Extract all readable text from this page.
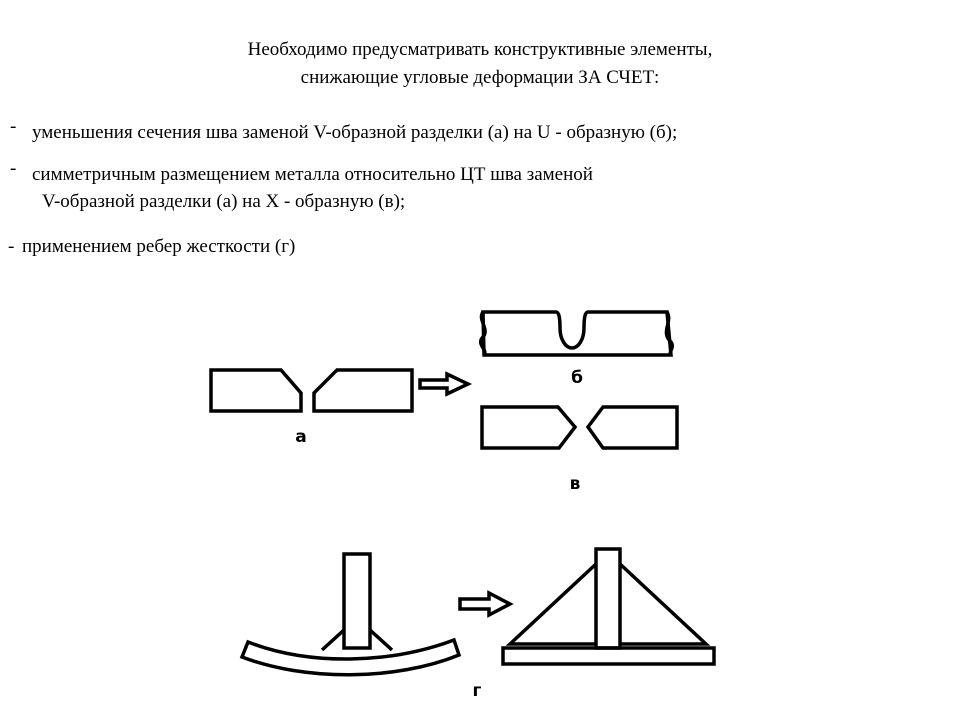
Необходимо предусматривать конструктивные элементы,
снижающие угловые деформации ЗА СЧЕТ:
- уменьшения сечения шва заменой V-образной разделки (а) на U - образную (б);
- симметричным размещением металла относительно ЦТ шва заменой
V-образной разделки (а) на X - образную (в);
- применением ребер жесткости (г)
а
б
в
г
